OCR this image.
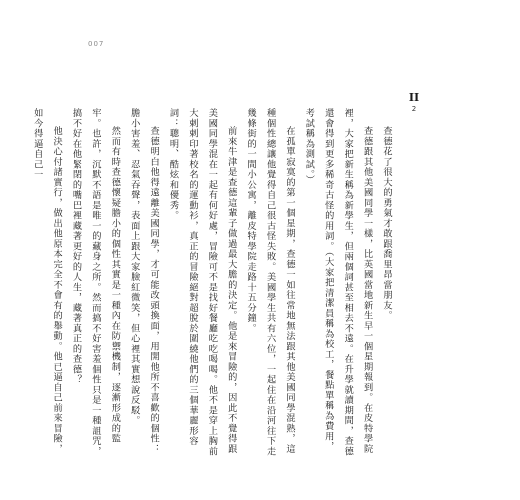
007
II
2

查德花了很大的勇氣才敢跟喬里昂當朋友。

查德跟其他美國同學一樣，比英國當地新生早一個星期報到。在皮特學院裡，大家把新生稱為新學生，但兩個詞甚至相去不遠。在升學就讀期間，查德還會得到更多稀奇古怪的用詞。（大家把清潔員稱為校工，餐點單稱為費用，考試稱為測試。）

在孤單寂寞的第一個星期，查德一如往常地無法跟其他美國同學混熟，這種個性總讓他覺得自己很古怪失敗。美國學生共有六位，一起住在沿河往下走幾條街的一間小公寓，離皮特學院走路十五分鐘。

前來牛津是查德這輩子做過最大膽的決定。他是來冒險的，因此不覺得跟美國同學混在一起有何好處，冒險可不是找好餐廳吃吃喝喝。他不是穿上胸前大剌剌印著校名的運動衫，真正的冒險絕對超脫於圍繞他們的三個華麗形容詞：聰明、酷炫和優秀。

查德明白他得遠離美國同學，才可能改頭換面，用開他所不喜歡的個性：膽小害羞、忍氣吞聲，表面上跟大家臉紅微笑，但心裡其實想說反駁。

然而有時查德懷疑膽小的個性其實是一種內在防禦機制，逐漸形成的監牢。也許，沉默不語是唯一的藏身之所。然而搞不好害羞個性只是一種詛咒，搞不好在他緊閉的嘴巴裡藏著更好的人生，藏著真正的查德？

他決心付諸實行，做出他原本完全不會有的舉動。他已逼自己前來冒險，如今得逼自己一
